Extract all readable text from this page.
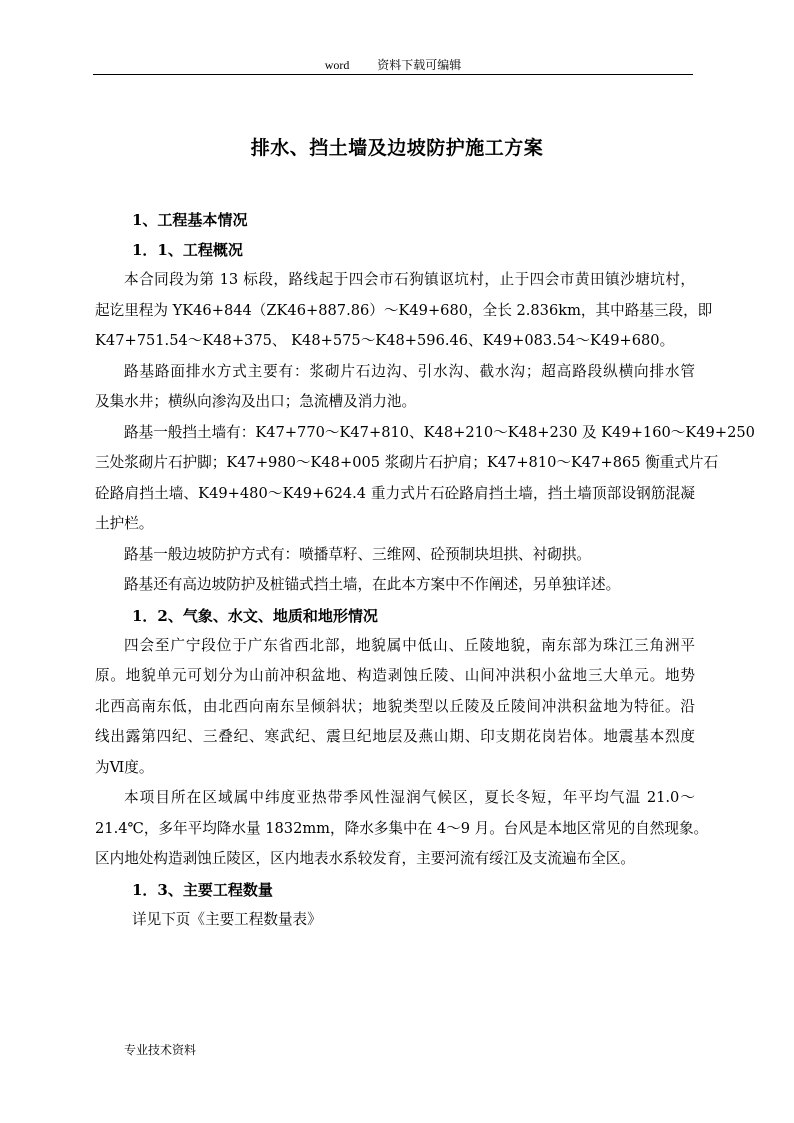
word 资料下载可编辑
排水、挡土墙及边坡防护施工方案
1、工程基本情况
1．1、工程概况
本合同段为第 13 标段，路线起于四会市石狗镇讴坑村，止于四会市黄田镇沙塘坑村，
起讫里程为 YK46+844（ZK46+887.86）～K49+680，全长 2.836km，其中路基三段，即
K47+751.54～K48+375、 K48+575～K48+596.46、K49+083.54～K49+680。
路基路面排水方式主要有：浆砌片石边沟、引水沟、截水沟；超高路段纵横向排水管
及集水井；横纵向渗沟及出口；急流槽及消力池。
路基一般挡土墙有：K47+770～K47+810、K48+210～K48+230 及 K49+160～K49+250
三处浆砌片石护脚；K47+980～K48+005 浆砌片石护肩；K47+810～K47+865 衡重式片石
砼路肩挡土墙、K49+480～K49+624.4 重力式片石砼路肩挡土墙，挡土墙顶部设钢筋混凝
土护栏。
路基一般边坡防护方式有：喷播草籽、三维网、砼预制块坦拱、衬砌拱。
路基还有高边坡防护及桩锚式挡土墙，在此本方案中不作阐述，另单独详述。
1．2、气象、水文、地质和地形情况
四会至广宁段位于广东省西北部，地貌属中低山、丘陵地貌，南东部为珠江三角洲平
原。地貌单元可划分为山前冲积盆地、构造剥蚀丘陵、山间冲洪积小盆地三大单元。地势
北西高南东低，由北西向南东呈倾斜状；地貌类型以丘陵及丘陵间冲洪积盆地为特征。沿
线出露第四纪、三叠纪、寒武纪、震旦纪地层及燕山期、印支期花岗岩体。地震基本烈度
为Ⅵ度。
本项目所在区域属中纬度亚热带季风性湿润气候区，夏长冬短，年平均气温 21.0～
21.4℃，多年平均降水量 1832mm，降水多集中在 4～9 月。台风是本地区常见的自然现象。
区内地处构造剥蚀丘陵区，区内地表水系较发育，主要河流有绥江及支流遍布全区。
1．3、主要工程数量
详见下页《主要工程数量表》
专业技术资料
